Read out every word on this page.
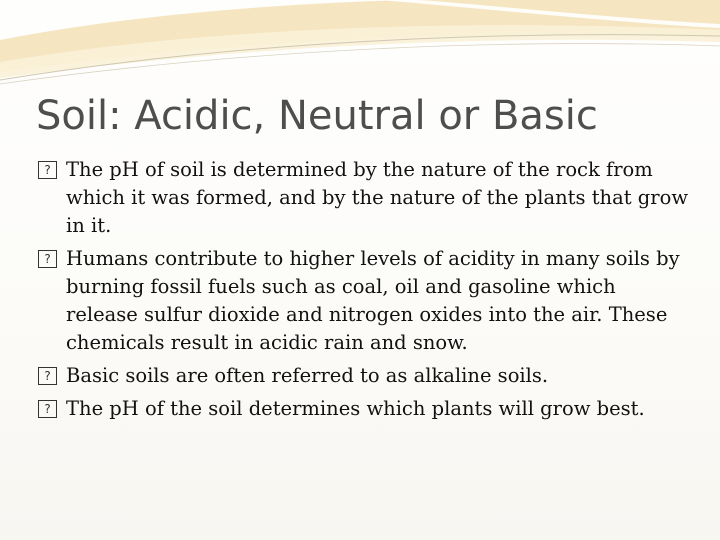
Soil: Acidic, Neutral or Basic
? The pH of soil is determined by the nature of the rock from which it was formed, and by the nature of the plants that grow in it.
? Humans contribute to higher levels of acidity in many soils by burning fossil fuels such as coal, oil and gasoline which release sulfur dioxide and nitrogen oxides into the air. These chemicals result in acidic rain and snow.
? Basic soils are often referred to as alkaline soils.
? The pH of the soil determines which plants will grow best.
